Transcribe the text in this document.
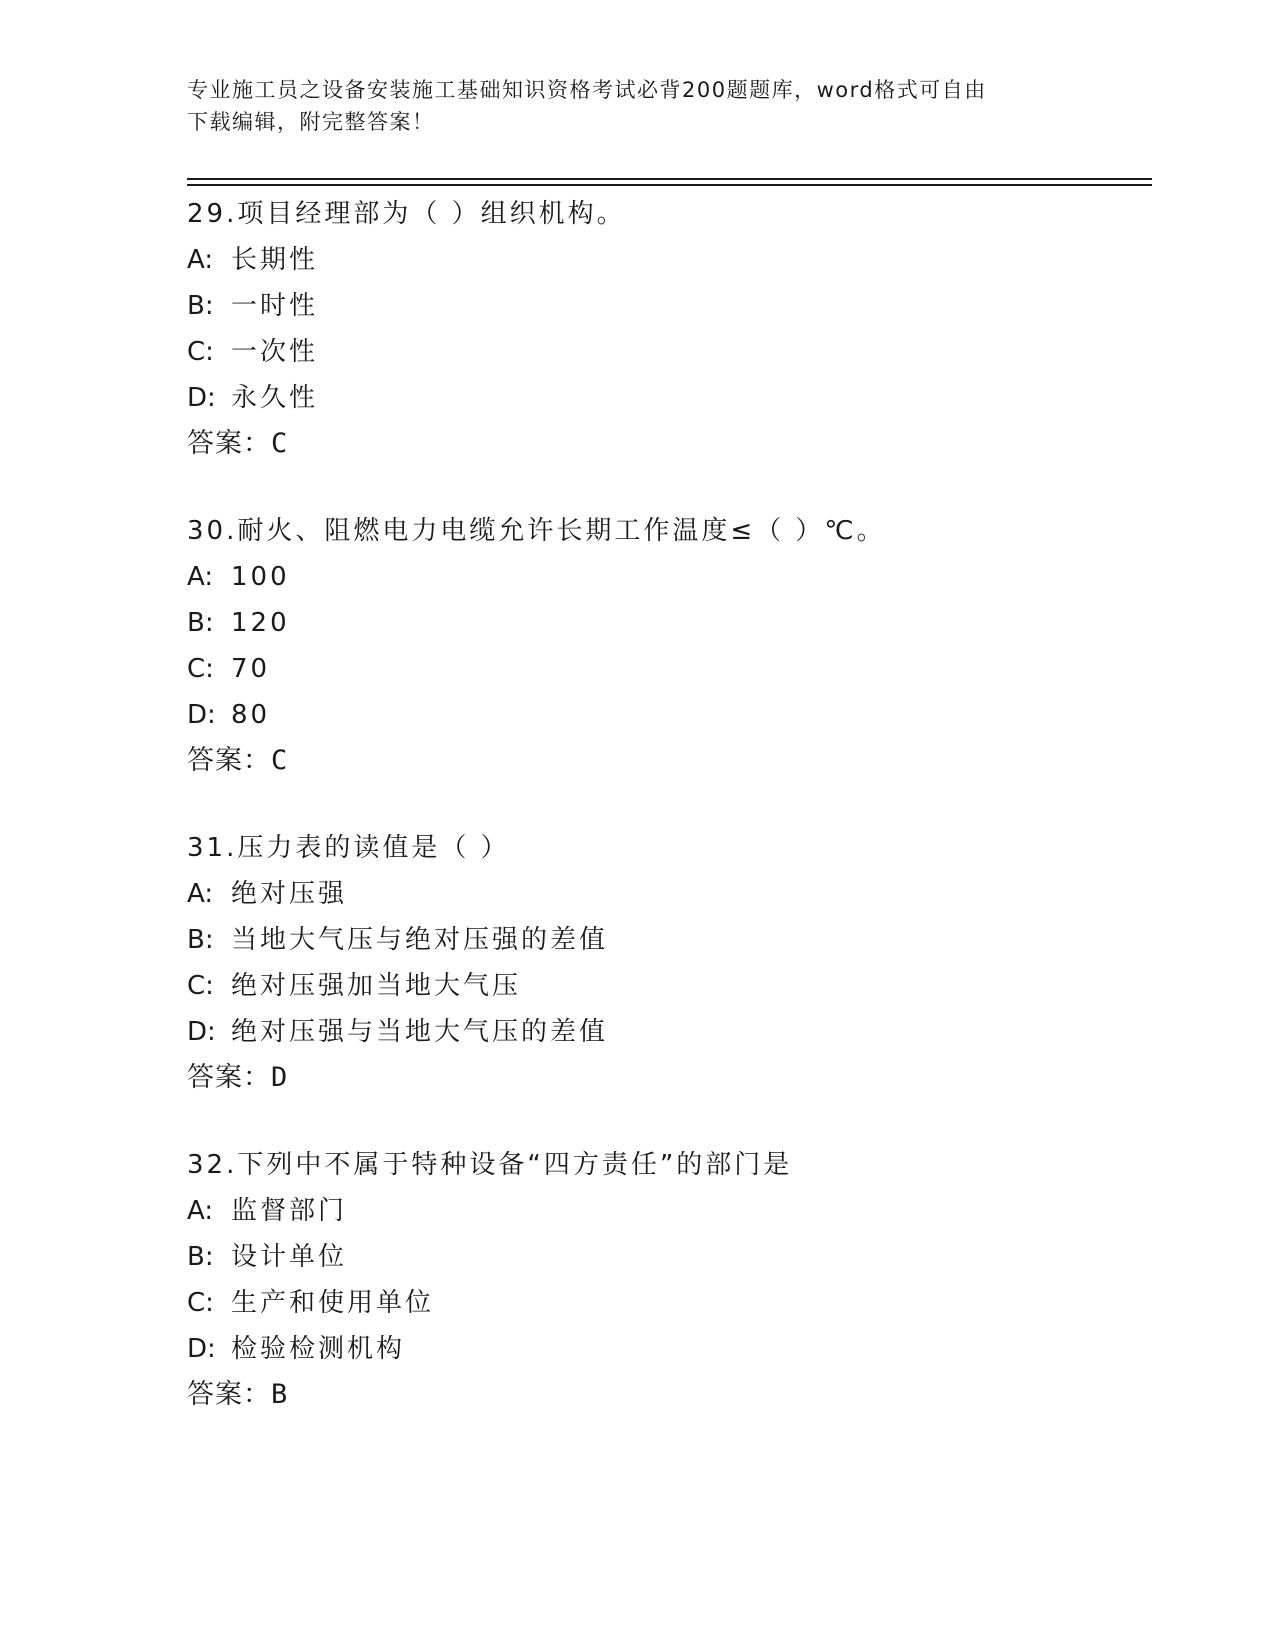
专业施工员之设备安装施工基础知识资格考试必背200题题库，word格式可自由
下载编辑，附完整答案！
29.项目经理部为（ ）组织机构。
A: 长期性
B: 一时性
C: 一次性
D: 永久性
答案：C
30.耐火、阻燃电力电缆允许长期工作温度≤（ ）℃。
A: 100
B: 120
C: 70
D: 80
答案：C
31.压力表的读值是（ ）
A: 绝对压强
B: 当地大气压与绝对压强的差值
C: 绝对压强加当地大气压
D: 绝对压强与当地大气压的差值
答案：D
32.下列中不属于特种设备“四方责任”的部门是
A: 监督部门
B: 设计单位
C: 生产和使用单位
D: 检验检测机构
答案：B
